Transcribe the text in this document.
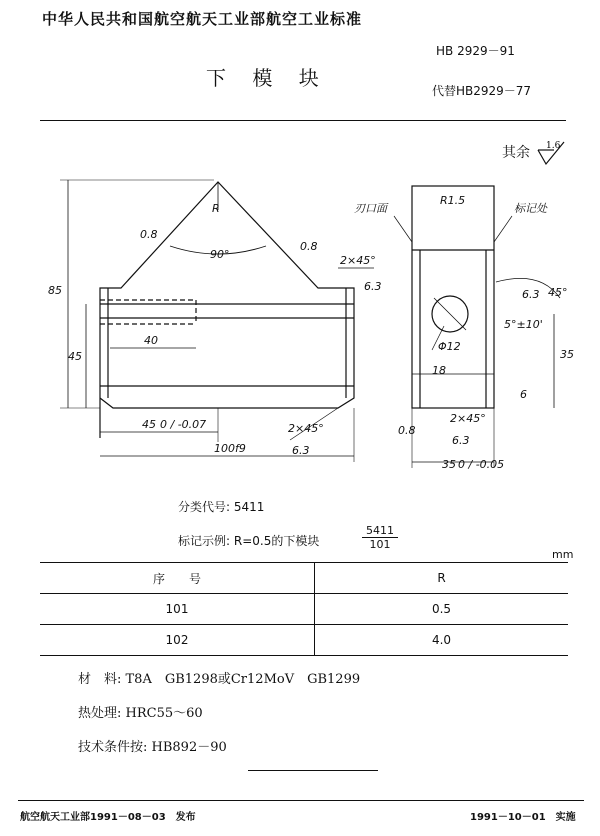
中华人民共和国航空航天工业部航空工业标准
下 模 块
HB 2929－91
代替HB2929－77
其余 1.6
R
90°
0.8
0.8
85
45
40
2×45°
6.3
2×45°
6.3
45 0 / -0.07
100f9
刃口面
R1.5
标记处
45°
6.3
5°±10'
Φ12
18
35
6
2×45°
6.3
0.8
35 0 / -0.05
分类代号: 5411
标记示例: R=0.5的下模块	$\frac{5411}{101}$
mm
序　　号	R
101	0.5
102	4.0
材　料: T8A　GB1298或Cr12MoV　GB1299
热处理: HRC55～60
技术条件按: HB892－90
航空航天工业部1991－08－03　发布	1991－10－01　实施
